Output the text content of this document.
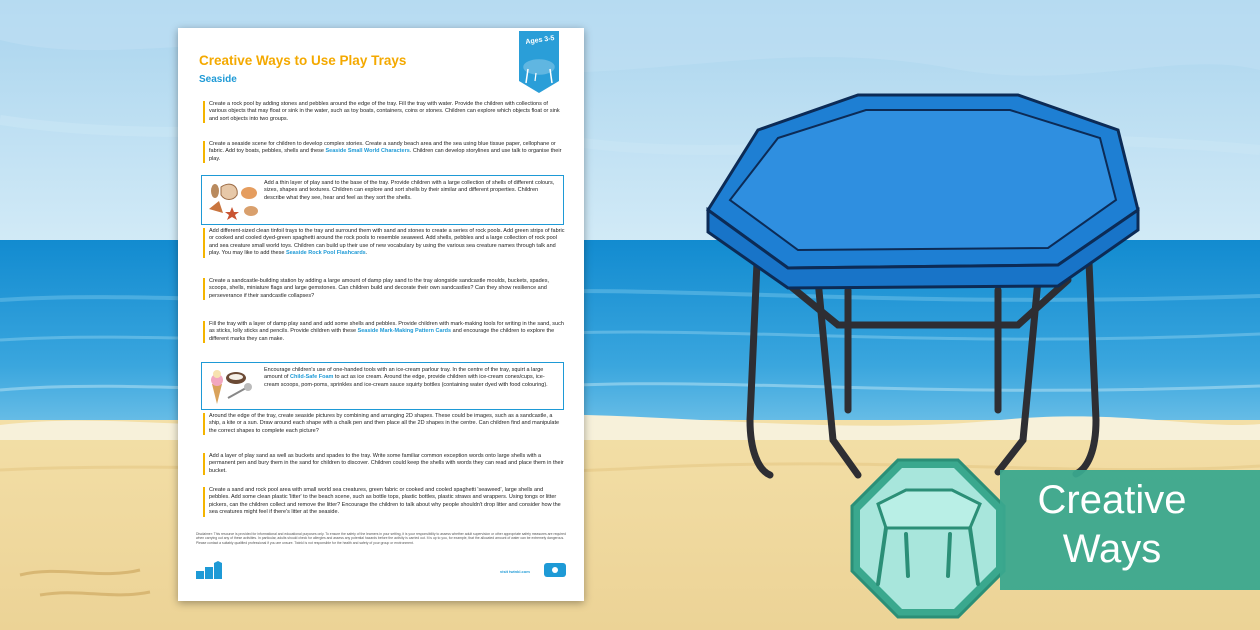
Creative Ways to Use Play Trays
Seaside
Ages 3-5
Create a rock pool by adding stones and pebbles around the edge of the tray. Fill the tray with water. Provide the children with collections of various objects that may float or sink in the water, such as toy boats, containers, coins or stones. Children can explore which objects float or sink and sort objects into two groups.
Create a seaside scene for children to develop complex stories. Create a sandy beach area and the sea using blue tissue paper, cellophane or fabric. Add toy boats, pebbles, shells and these Seaside Small World Characters. Children can develop storylines and use talk to organise their play.
Add a thin layer of play sand to the base of the tray. Provide children with a large collection of shells of different colours, sizes, shapes and textures. Children can explore and sort shells by their similar and different properties. Children describe what they see, hear and feel as they sort the shells.
Add different-sized clean tinfoil trays to the tray and surround them with sand and stones to create a series of rock pools. Add green strips of fabric or cooked and cooled dyed-green spaghetti around the rock pools to resemble seaweed. Add shells, pebbles and a large collection of rock pool and sea creature small world toys. Children can build up their use of new vocabulary by using the various sea creature names through talk and play. You may like to add these Seaside Rock Pool Flashcards.
Create a sandcastle-building station by adding a large amount of damp play sand to the tray alongside sandcastle moulds, buckets, spades, scoops, shells, miniature flags and large gemstones. Can children build and decorate their own sandcastles? Can they show resilience and perseverance if their sandcastle collapses?
Fill the tray with a layer of damp play sand and add some shells and pebbles. Provide children with mark-making tools for writing in the sand, such as sticks, lolly sticks and pencils. Provide children with these Seaside Mark-Making Pattern Cards and encourage the children to explore the different marks they can make.
Encourage children's use of one-handed tools with an ice-cream parlour tray. In the centre of the tray, squirt a large amount of Child-Safe Foam to act as ice cream. Around the edge, provide children with ice-cream cones/cups, ice-cream scoops, pom-poms, sprinkles and ice-cream sauce squirty bottles (containing water dyed with food colouring).
Around the edge of the tray, create seaside pictures by combining and arranging 2D shapes. These could be images, such as a sandcastle, a ship, a kite or a sun. Draw around each shape with a chalk pen and then place all the 2D shapes in the centre. Can children find and manipulate the correct shapes to complete each picture?
Add a layer of play sand as well as buckets and spades to the tray. Write some familiar common exception words onto large shells with a permanent pen and bury them in the sand for children to discover. Children could keep the shells with words they can read and place them in their bucket.
Create a sand and rock pool area with small world sea creatures, green fabric or cooked and cooled spaghetti 'seaweed', large shells and pebbles. Add some clean plastic 'litter' to the beach scene, such as bottle tops, plastic bottles, plastic straws and wrappers. Using tongs or litter pickers, can the children collect and remove the litter? Encourage the children to talk about why people shouldn't drop litter and consider how the sea creatures might feel if there's litter at the seaside.
Disclaimer: This resource is provided for informational and educational purposes only. To ensure the safety of the learners in your setting, it is your responsibility to assess whether adult supervision or other appropriate safety measures are required when carrying out any of these activities. In particular, adults should check for allergies and assess any potential hazards before the activity is carried out. It is up to you, for example, that the allocated amount of water can be extremely dangerous. Please contact a suitably qualified professional if you are unsure. Twinkl is not responsible for the health and safety of your group or environment.
visit twinkl.com
Creative
Ways
